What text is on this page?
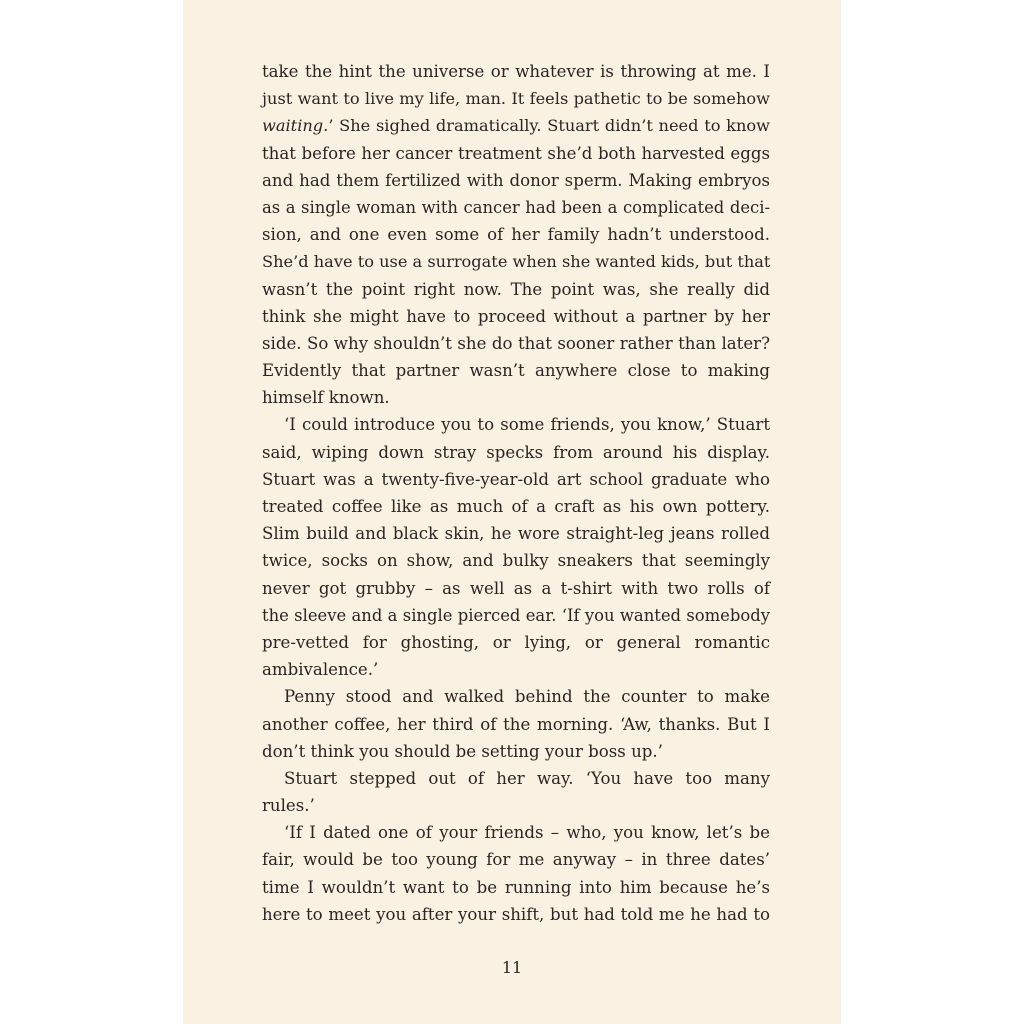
take the hint the universe or whatever is throwing at me. I
just want to live my life, man. It feels pathetic to be somehow
waiting.’ She sighed dramatically. Stuart didn’t need to know
that before her cancer treatment she’d both harvested eggs
and had them fertilized with donor sperm. Making embryos
as a single woman with cancer had been a complicated deci-
sion, and one even some of her family hadn’t understood.
She’d have to use a surrogate when she wanted kids, but that
wasn’t the point right now. The point was, she really did
think she might have to proceed without a partner by her
side. So why shouldn’t she do that sooner rather than later?
Evidently that partner wasn’t anywhere close to making
himself known.
‘I could introduce you to some friends, you know,’ Stuart
said, wiping down stray specks from around his display.
Stuart was a twenty-five-year-old art school graduate who
treated coffee like as much of a craft as his own pottery.
Slim build and black skin, he wore straight-leg jeans rolled
twice, socks on show, and bulky sneakers that seemingly
never got grubby – as well as a t-shirt with two rolls of
the sleeve and a single pierced ear. ‘If you wanted somebody
pre-vetted for ghosting, or lying, or general romantic
ambivalence.’
Penny stood and walked behind the counter to make
another coffee, her third of the morning. ‘Aw, thanks. But I
don’t think you should be setting your boss up.’
Stuart stepped out of her way. ‘You have too many
rules.’
‘If I dated one of your friends – who, you know, let’s be
fair, would be too young for me anyway – in three dates’
time I wouldn’t want to be running into him because he’s
here to meet you after your shift, but had told me he had to
11
